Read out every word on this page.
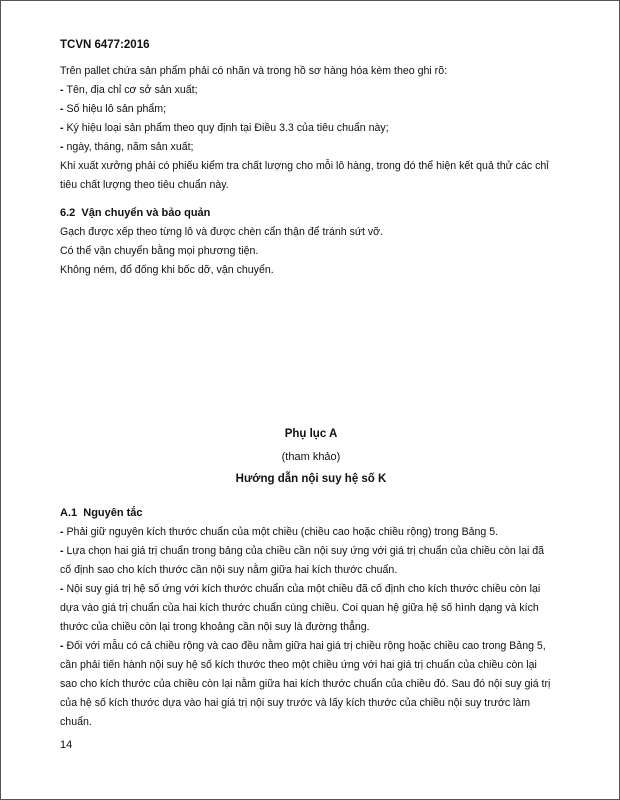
TCVN 6477:2016
Trên pallet chứa sản phẩm phải có nhãn và trong hồ sơ hàng hóa kèm theo ghi rõ:
- Tên, địa chỉ cơ sở sản xuất;
- Số hiệu lô sản phẩm;
- Ký hiệu loại sản phẩm theo quy định tại Điều 3.3 của tiêu chuẩn này;
- ngày, tháng, năm sản xuất;
Khi xuất xưởng phải có phiếu kiểm tra chất lượng cho mỗi lô hàng, trong đó thể hiện kết quả thử các chỉ
tiêu chất lượng theo tiêu chuẩn này.
6.2 Vận chuyển và bảo quản
Gạch được xếp theo từng lô và được chèn cẩn thận để tránh sứt vỡ.
Có thể vận chuyển bằng mọi phương tiện.
Không ném, đổ đống khi bốc dỡ, vận chuyển.
Phụ lục A
(tham khảo)
Hướng dẫn nội suy hệ số K
A.1 Nguyên tắc
- Phải giữ nguyên kích thước chuẩn của một chiều (chiều cao hoặc chiều rộng) trong Bảng 5.
- Lựa chọn hai giá trị chuẩn trong bảng của chiều cần nội suy ứng với giá trị chuẩn của chiều còn lại đã
cố định sao cho kích thước cần nội suy nằm giữa hai kích thước chuẩn.
- Nội suy giá trị hệ số ứng với kích thước chuẩn của một chiều đã cố định cho kích thước chiều còn lại
dựa vào giá trị chuẩn của hai kích thước chuẩn cùng chiều. Coi quan hệ giữa hệ số hình dạng và kích
thước của chiều còn lại trong khoảng cần nội suy là đường thẳng.
- Đối với mẫu có cả chiều rộng và cao đều nằm giữa hai giá trị chiều rộng hoặc chiều cao trong Bảng 5,
cần phải tiến hành nội suy hệ số kích thước theo một chiều ứng với hai giá trị chuẩn của chiều còn lại
sao cho kích thước của chiều còn lại nằm giữa hai kích thước chuẩn của chiều đó. Sau đó nội suy giá trị
của hệ số kích thước dựa vào hai giá trị nội suy trước và lấy kích thước của chiều nội suy trước làm
chuẩn.
14
